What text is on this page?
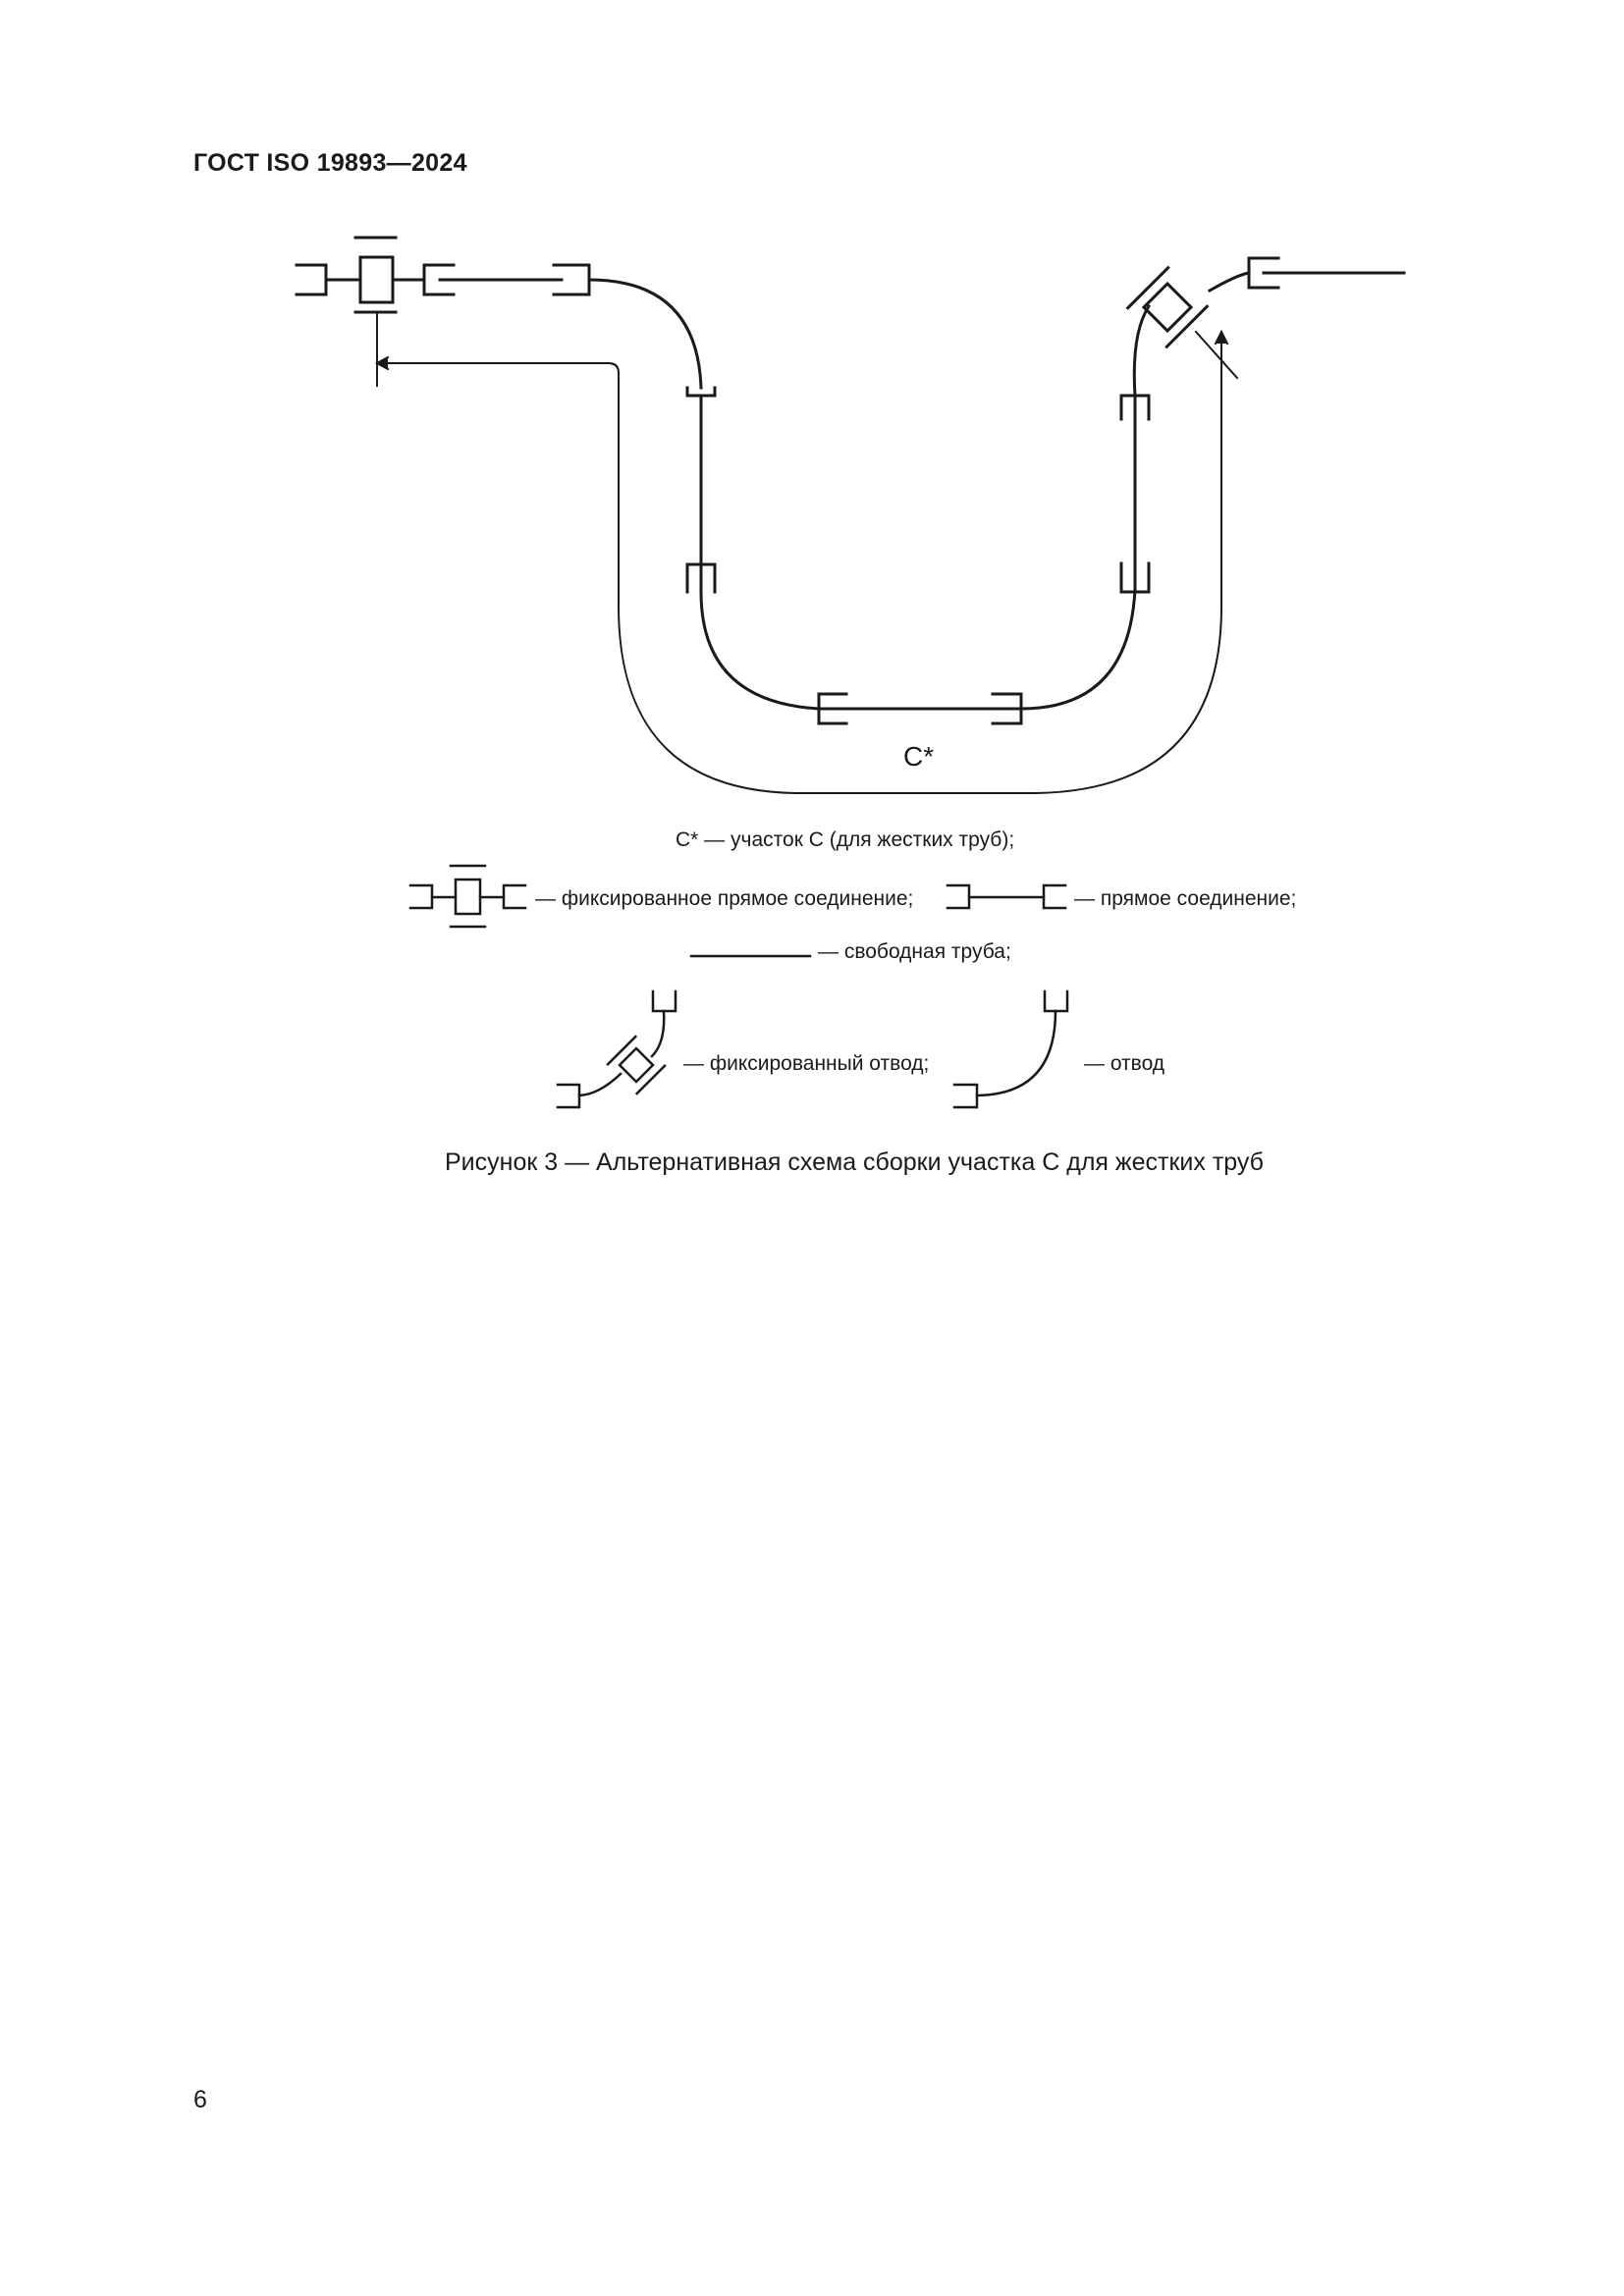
ГОСТ ISO 19893—2024
C*
C* — участок С (для жестких труб);
— фиксированное прямое соединение;	— прямое соединение;
— свободная труба;
— фиксированный отвод;	— отвод
Рисунок 3 — Альтернативная схема сборки участка С для жестких труб
6
